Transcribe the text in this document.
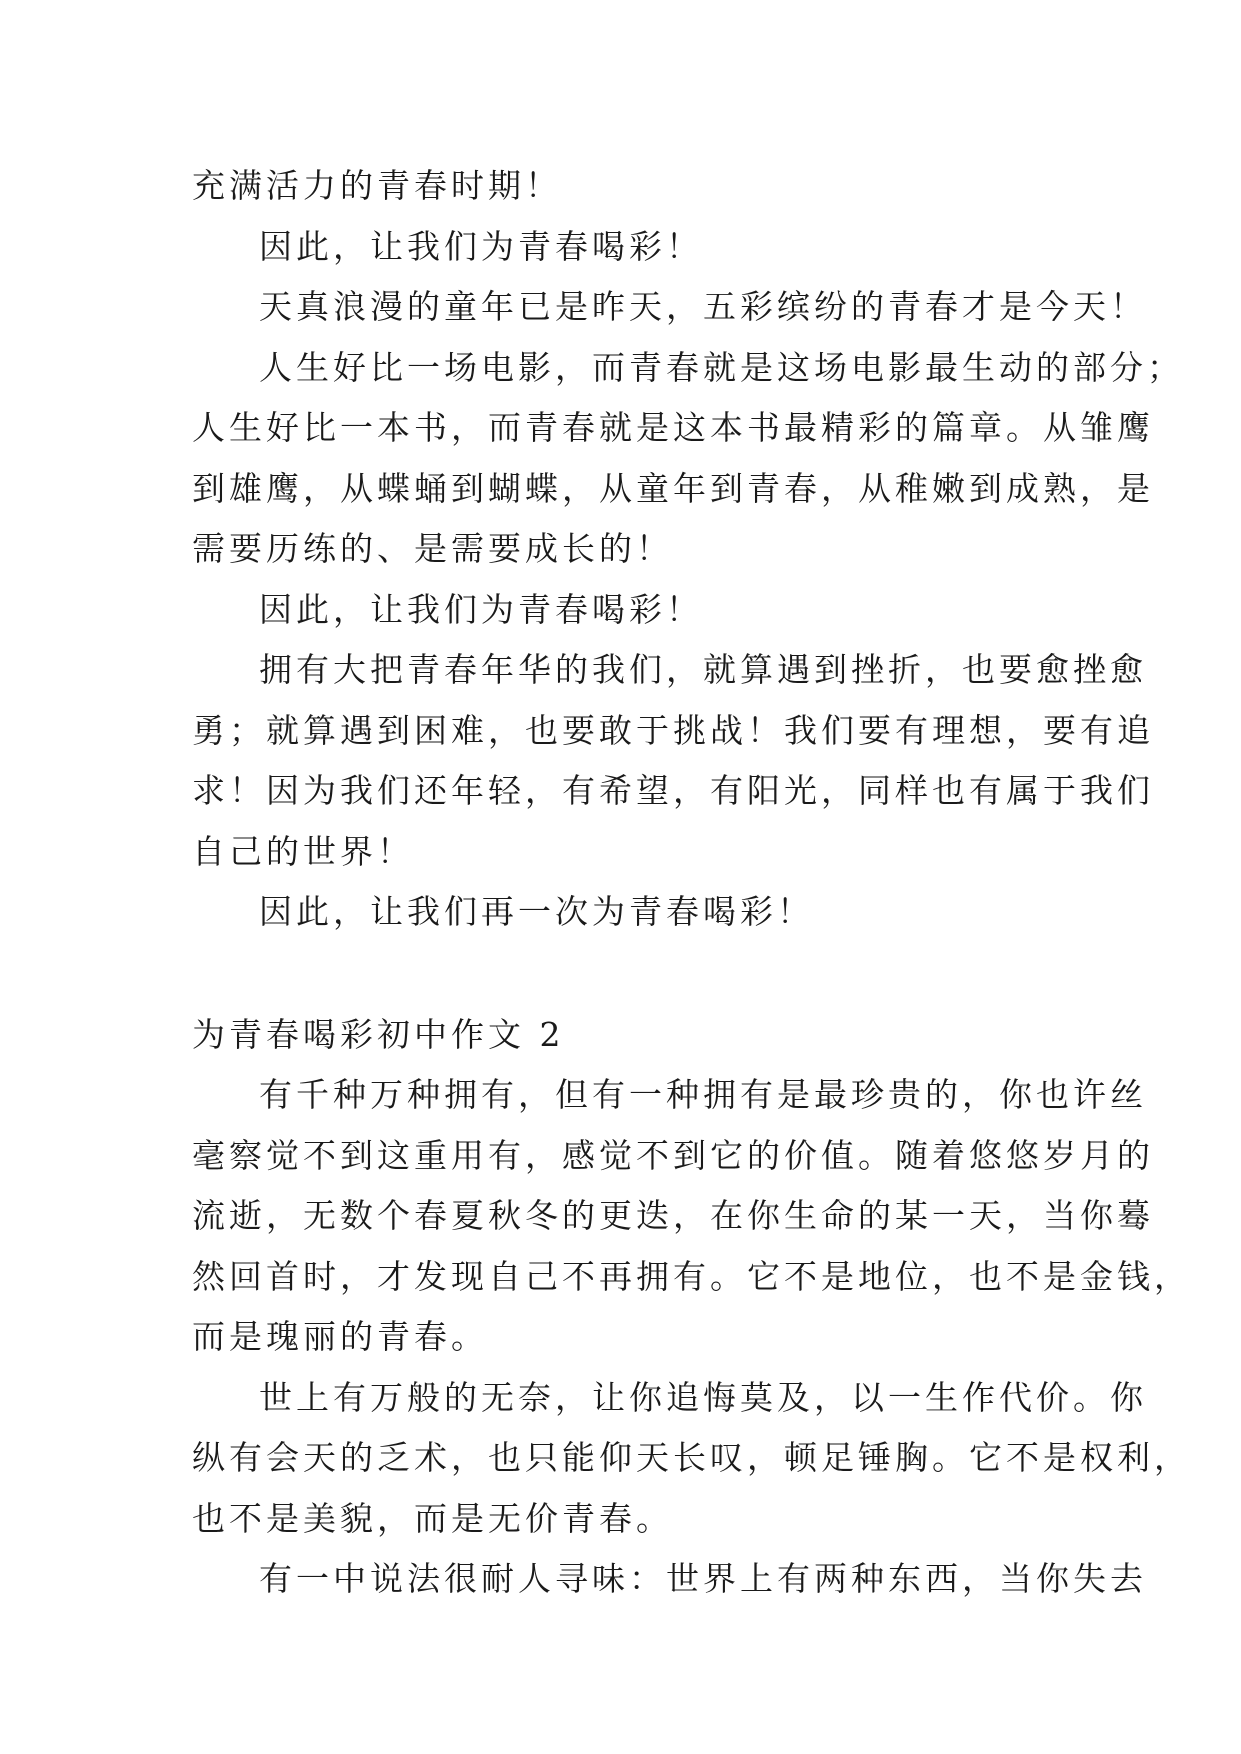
充满活力的青春时期！
因此，让我们为青春喝彩！
天真浪漫的童年已是昨天，五彩缤纷的青春才是今天！
人生好比一场电影，而青春就是这场电影最生动的部分；
人生好比一本书，而青春就是这本书最精彩的篇章。从雏鹰
到雄鹰，从蝶蛹到蝴蝶，从童年到青春，从稚嫩到成熟，是
需要历练的、是需要成长的！
因此，让我们为青春喝彩！
拥有大把青春年华的我们，就算遇到挫折，也要愈挫愈
勇；就算遇到困难，也要敢于挑战！我们要有理想，要有追
求！因为我们还年轻，有希望，有阳光，同样也有属于我们
自己的世界！
因此，让我们再一次为青春喝彩！
为青春喝彩初中作文 2
有千种万种拥有，但有一种拥有是最珍贵的，你也许丝
毫察觉不到这重用有，感觉不到它的价值。随着悠悠岁月的
流逝，无数个春夏秋冬的更迭，在你生命的某一天，当你蓦
然回首时，才发现自己不再拥有。它不是地位，也不是金钱，
而是瑰丽的青春。
世上有万般的无奈，让你追悔莫及，以一生作代价。你
纵有会天的乏术，也只能仰天长叹，顿足锤胸。它不是权利，
也不是美貌，而是无价青春。
有一中说法很耐人寻味：世界上有两种东西，当你失去
